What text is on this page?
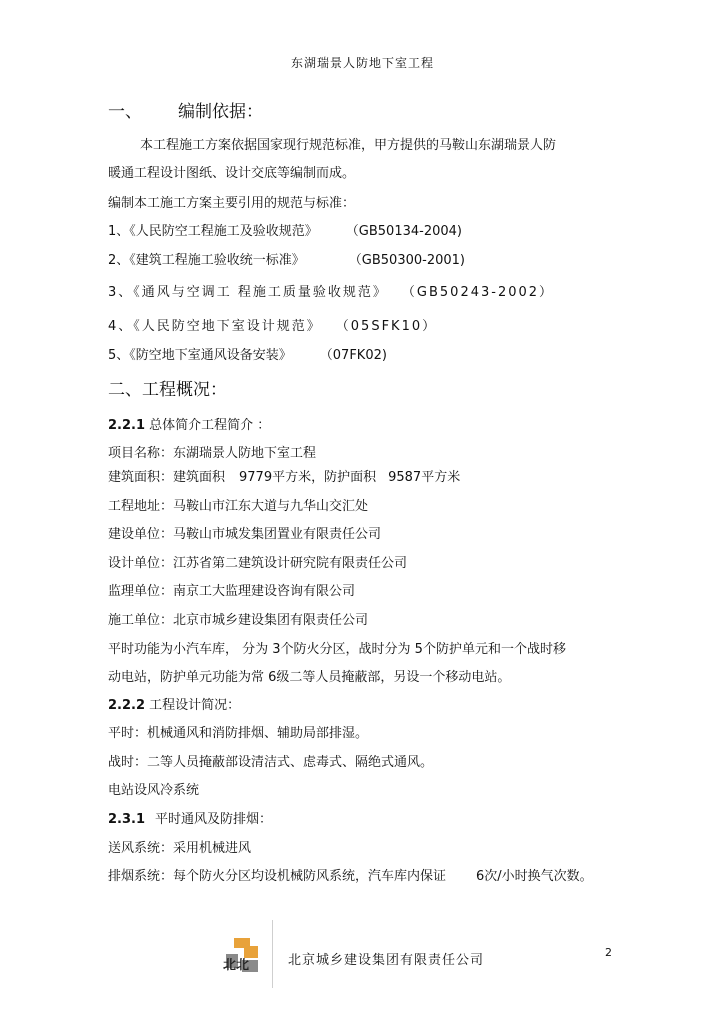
东湖瑞景人防地下室工程
一、 编制依据：
本工程施工方案依据国家现行规范标准，甲方提供的马鞍山东湖瑞景人防
暖通工程设计图纸、设计交底等编制而成。
编制本工施工方案主要引用的规范与标准：
1、《人民防空工程施工及验收规范》 （GB50134-2004)
2、《建筑工程施工验收统一标准》	（GB50300-2001)
3、《通风与空调工 程施工质量验收规范》 （GB50243-2002）
4、《人民防空地下室设计规范》 （05SFK10）
5、《防空地下室通风设备安装》 （07FK02)
二、工程概况：
2.2.1 总体简介工程简介 ：
项目名称：东湖瑞景人防地下室工程
建筑面积：建筑面积 9779平方米，防护面积 9587平方米
工程地址：马鞍山市江东大道与九华山交汇处
建设单位：马鞍山市城发集团置业有限责任公司
设计单位：江苏省第二建筑设计研究院有限责任公司
监理单位：南京工大监理建设咨询有限公司
施工单位：北京市城乡建设集团有限责任公司
平时功能为小汽车库， 分为 3个防火分区，战时分为 5个防护单元和一个战时移
动电站，防护单元功能为常 6级二等人员掩蔽部，另设一个移动电站。
2.2.2 工程设计简况：
平时：机械通风和消防排烟、辅助局部排湿。
战时：二等人员掩蔽部设清洁式、虑毒式、隔绝式通风。
电站设风冷系统
2.3.1 平时通风及防排烟：
送风系统：采用机械进风
排烟系统：每个防火分区均设机械防风系统，汽车库内保证 6次/小时换气次数。
北北	北京城乡建设集团有限责任公司
2
